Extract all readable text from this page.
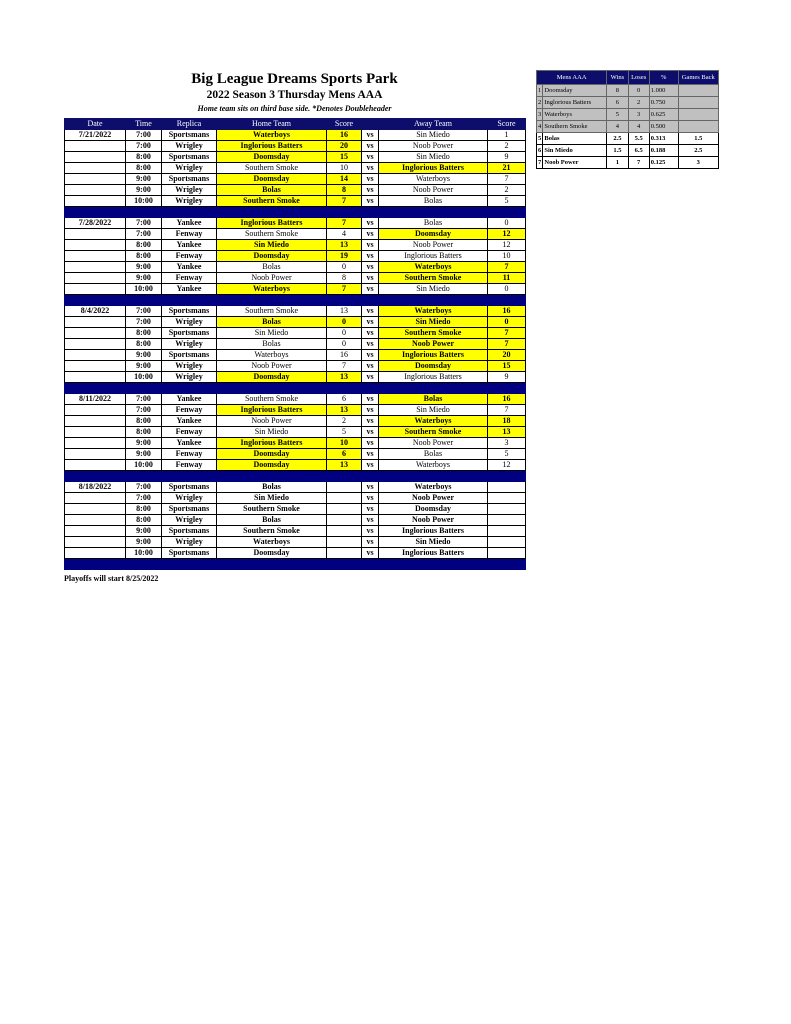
Big League Dreams Sports Park
2022 Season 3 Thursday Mens AAA
Home team sits on third base side. *Denotes Doubleheader
Date	Time	Replica	Home Team	Score		Away Team	Score
7/21/2022	7:00	Sportsmans	Waterboys	16	vs	Sin Miedo	1
	7:00	Wrigley	Inglorious Batters	20	vs	Noob Power	2
	8:00	Sportsmans	Doomsday	15	vs	Sin Miedo	9
	8:00	Wrigley	Southern Smoke	10	vs	Inglorious Batters	21
	9:00	Sportsmans	Doomsday	14	vs	Waterboys	7
	9:00	Wrigley	Bolas	8	vs	Noob Power	2
	10:00	Wrigley	Southern Smoke	7	vs	Bolas	5

7/28/2022	7:00	Yankee	Inglorious Batters	7	vs	Bolas	0
	7:00	Fenway	Southern Smoke	4	vs	Doomsday	12
	8:00	Yankee	Sin Miedo	13	vs	Noob Power	12
	8:00	Fenway	Doomsday	19	vs	Inglorious Batters	10
	9:00	Yankee	Bolas	0	vs	Waterboys	7
	9:00	Fenway	Noob Power	8	vs	Southern Smoke	11
	10:00	Yankee	Waterboys	7	vs	Sin Miedo	0

8/4/2022	7:00	Sportsmans	Southern Smoke	13	vs	Waterboys	16
	7:00	Wrigley	Bolas	0	vs	Sin Miedo	0
	8:00	Sportsmans	Sin Miedo	0	vs	Southern Smoke	7
	8:00	Wrigley	Bolas	0	vs	Noob Power	7
	9:00	Sportsmans	Waterboys	16	vs	Inglorious Batters	20
	9:00	Wrigley	Noob Power	7	vs	Doomsday	15
	10:00	Wrigley	Doomsday	13	vs	Inglorious Batters	9

8/11/2022	7:00	Yankee	Southern Smoke	6	vs	Bolas	16
	7:00	Fenway	Inglorious Batters	13	vs	Sin Miedo	7
	8:00	Yankee	Noob Power	2	vs	Waterboys	18
	8:00	Fenway	Sin Miedo	5	vs	Southern Smoke	13
	9:00	Yankee	Inglorious Batters	10	vs	Noob Power	3
	9:00	Fenway	Doomsday	6	vs	Bolas	5
	10:00	Fenway	Doomsday	13	vs	Waterboys	12

8/18/2022	7:00	Sportsmans	Bolas		vs	Waterboys	
	7:00	Wrigley	Sin Miedo		vs	Noob Power	
	8:00	Sportsmans	Southern Smoke		vs	Doomsday	
	8:00	Wrigley	Bolas		vs	Noob Power	
	9:00	Sportsmans	Southern Smoke		vs	Inglorious Batters	
	9:00	Wrigley	Waterboys		vs	Sin Miedo	
	10:00	Sportsmans	Doomsday		vs	Inglorious Batters	

Playoffs will start 8/25/2022
Mens AAA		Wins	Loses	%	Games Back
1	Doomsday	8	0	1.000	
2	Inglorious Batters	6	2	0.750	
3	Waterboys	5	3	0.625	
4	Southern Smoke	4	4	0.500	
5	Bolas	2.5	5.5	0.313	1.5
6	Sin Miedo	1.5	6.5	0.188	2.5
7	Noob Power	1	7	0.125	3
